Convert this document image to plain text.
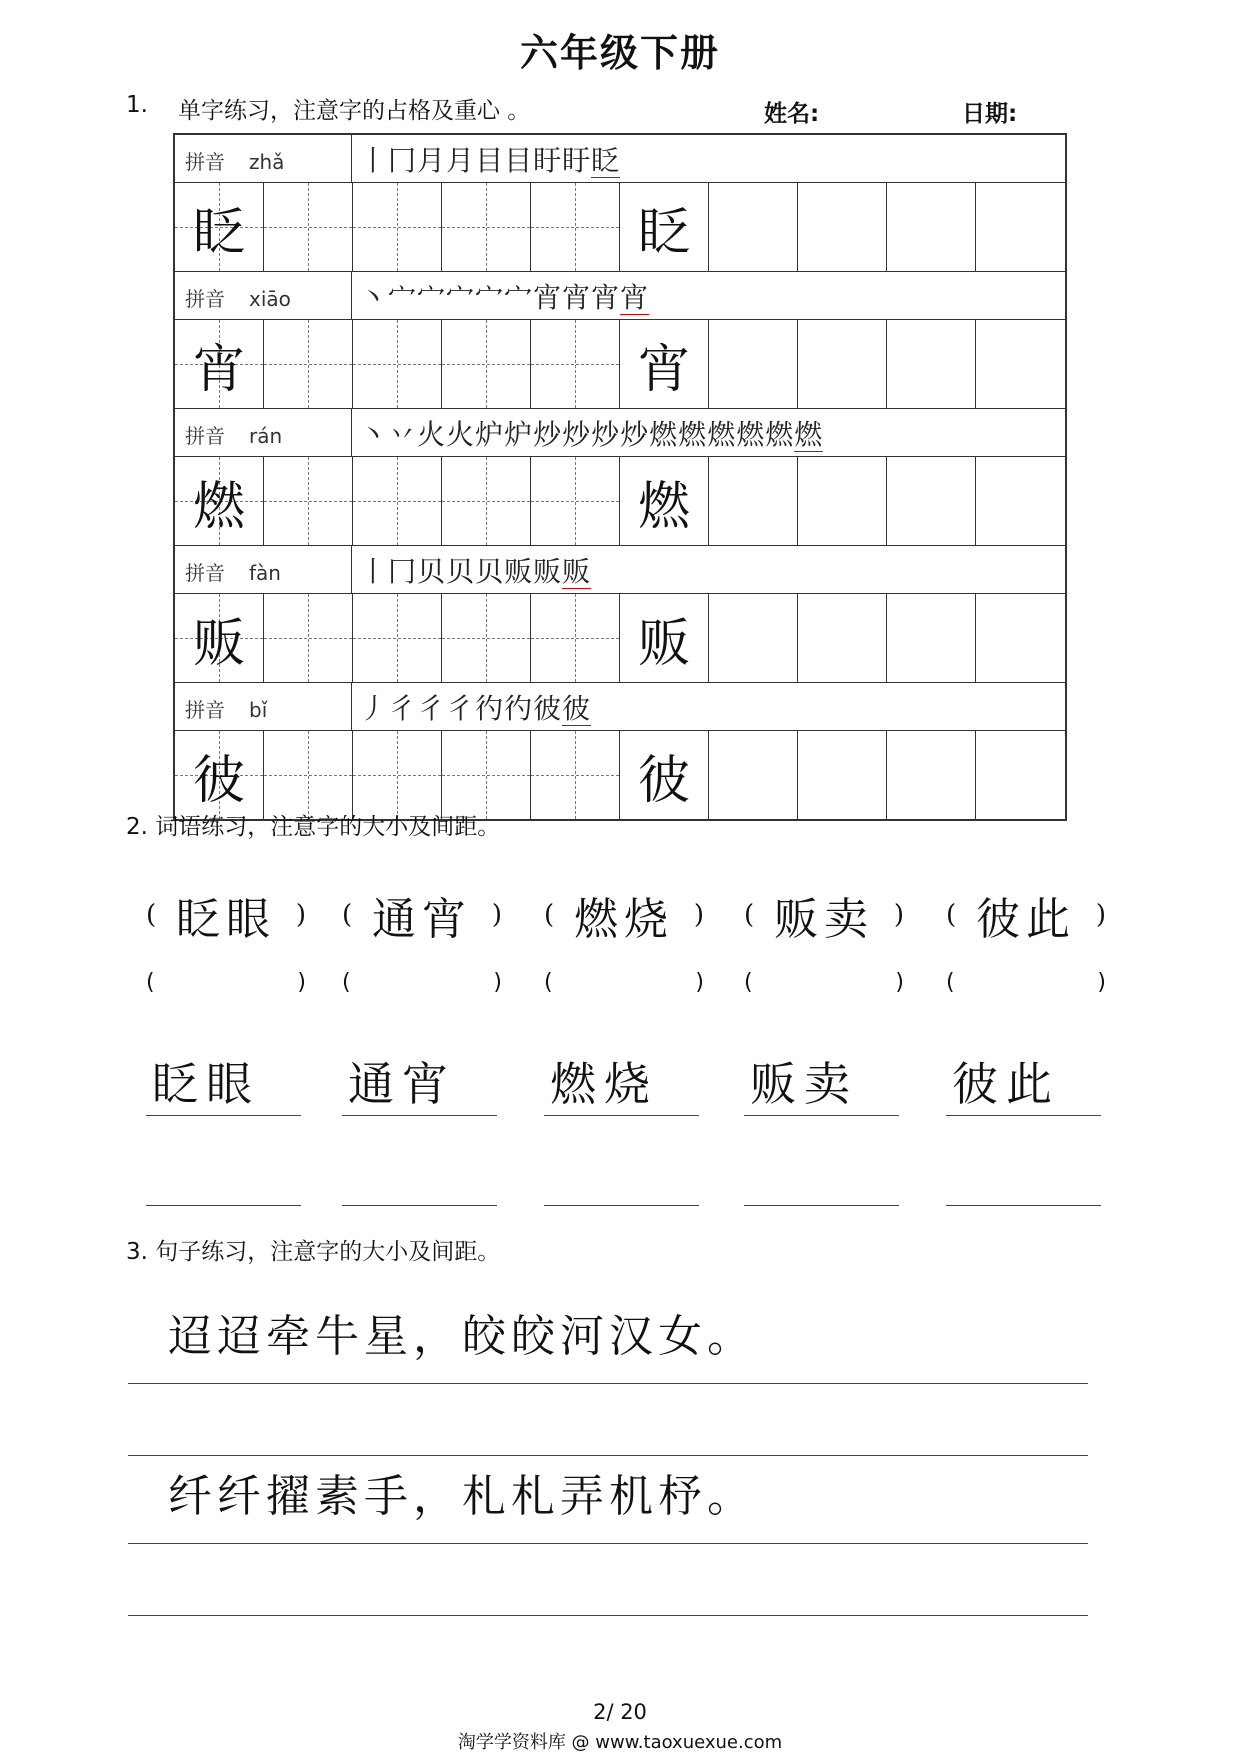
六年级下册
1. 单字练习，注意字的占格及重心 。	姓名:	日期:
拼音 zhǎ	丨冂月月目目盱盱眨
眨	眨
拼音 xiāo	丶宀宀宀宀宀宵宵宵宵
宵	宵
拼音 rán	丶丷火火炉炉炒炒炒炒燃燃燃燃燃燃
燃	燃
拼音 fàn	丨冂贝贝贝贩贩贩
贩	贩
拼音 bǐ	丿彳彳彳彴彴彼彼
彼	彼
2. 词语练习，注意字的大小及间距。
( 眨眼 )
(	)
眨眼
( 通宵 )
(	)
通宵
( 燃烧 )
(	)
燃烧
( 贩卖 )
(	)
贩卖
( 彼此 )
(	)
彼此
3. 句子练习，注意字的大小及间距。
迢迢牵牛星，皎皎河汉女。
纤纤擢素手，札札弄机杼。
2/ 20
淘学学资料库 @ www.taoxuexue.com
